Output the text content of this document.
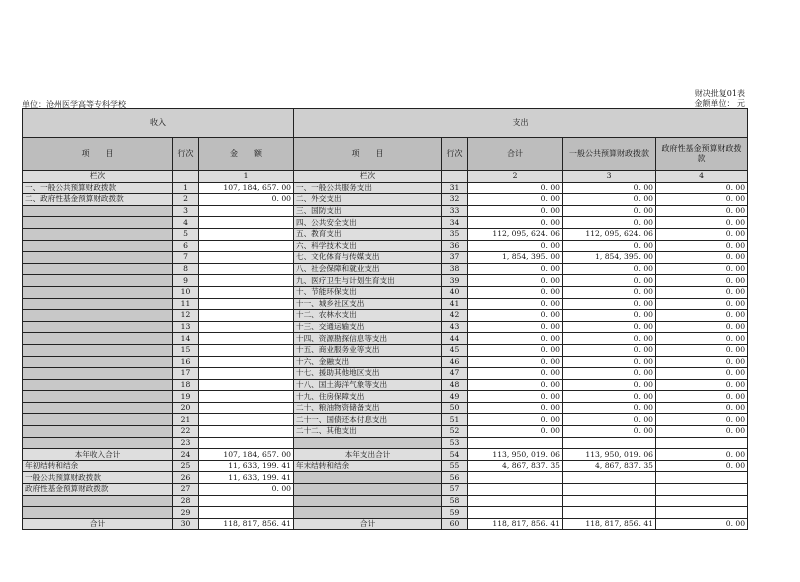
财决批复01表
金额单位： 元
单位：沧州医学高等专科学校
收入			支出				
项　　目	行次	金　　额	项　　目	行次	合计	一般公共预算财政拨款	政府性基金预算财政拨款
栏次		1	栏次		2	3	4
一、一般公共预算财政拨款	1	107, 184, 657. 00	一、一般公共服务支出	31	0. 00	0. 00	0. 00
二、政府性基金预算财政拨款	2	0. 00	二、外交支出	32	0. 00	0. 00	0. 00
	3		三、国防支出	33	0. 00	0. 00	0. 00
	4		四、公共安全支出	34	0. 00	0. 00	0. 00
	5		五、教育支出	35	112, 095, 624. 06	112, 095, 624. 06	0. 00
	6		六、科学技术支出	36	0. 00	0. 00	0. 00
	7		七、文化体育与传媒支出	37	1, 854, 395. 00	1, 854, 395. 00	0. 00
	8		八、社会保障和就业支出	38	0. 00	0. 00	0. 00
	9		九、医疗卫生与计划生育支出	39	0. 00	0. 00	0. 00
	10		十、节能环保支出	40	0. 00	0. 00	0. 00
	11		十一、城乡社区支出	41	0. 00	0. 00	0. 00
	12		十二、农林水支出	42	0. 00	0. 00	0. 00
	13		十三、交通运输支出	43	0. 00	0. 00	0. 00
	14		十四、资源勘探信息等支出	44	0. 00	0. 00	0. 00
	15		十五、商业服务业等支出	45	0. 00	0. 00	0. 00
	16		十六、金融支出	46	0. 00	0. 00	0. 00
	17		十七、援助其他地区支出	47	0. 00	0. 00	0. 00
	18		十八、国土海洋气象等支出	48	0. 00	0. 00	0. 00
	19		十九、住房保障支出	49	0. 00	0. 00	0. 00
	20		二十、粮油物资储备支出	50	0. 00	0. 00	0. 00
	21		二十一、国债还本付息支出	51	0. 00	0. 00	0. 00
	22		二十二、其他支出	52	0. 00	0. 00	0. 00
	23			53			
本年收入合计	24	107, 184, 657. 00	本年支出合计	54	113, 950, 019. 06	113, 950, 019. 06	0. 00
年初结转和结余	25	11, 633, 199. 41	年末结转和结余	55	4, 867, 837. 35	4, 867, 837. 35	0. 00
一般公共预算财政拨款	26	11, 633, 199. 41		56			
政府性基金预算财政拨款	27	0. 00		57			
	28			58			
	29			59			
合计	30	118, 817, 856. 41	合计	60	118, 817, 856. 41	118, 817, 856. 41	0. 00
